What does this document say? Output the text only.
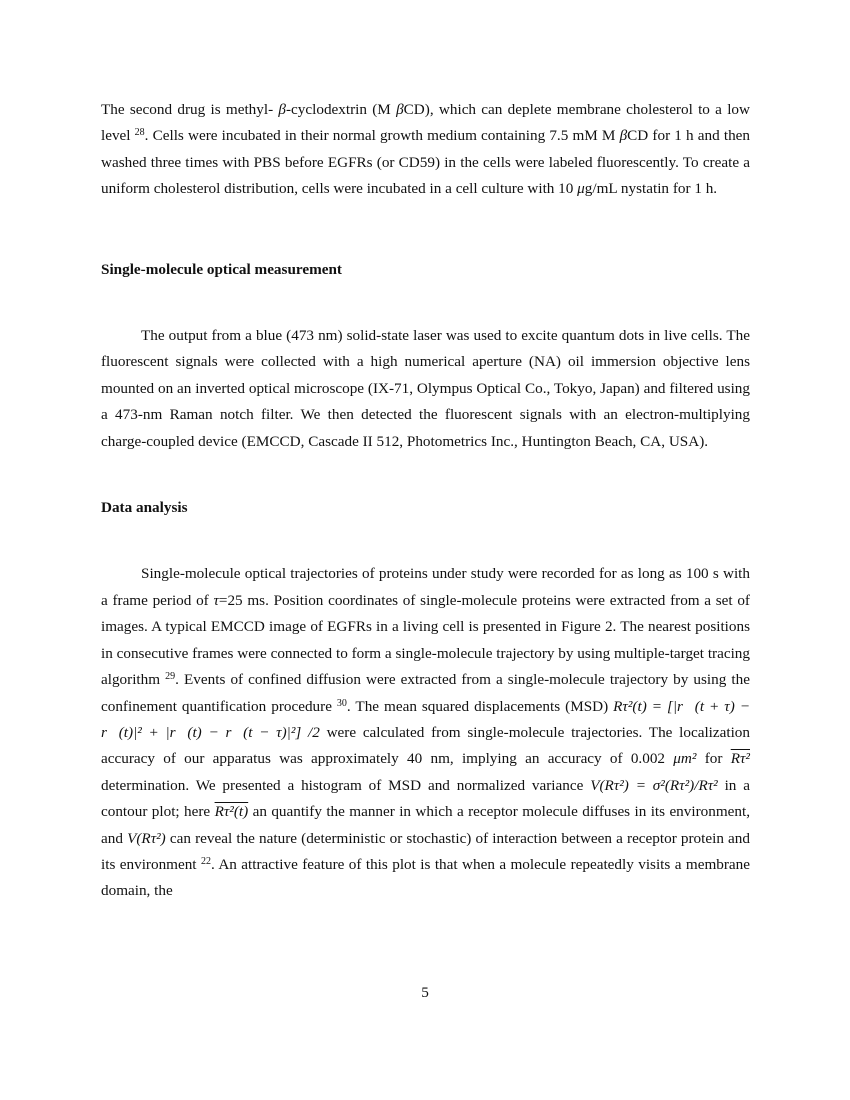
The second drug is methyl- β-cyclodextrin (M βCD), which can deplete membrane cholesterol to a low level $^{28}$. Cells were incubated in their normal growth medium containing 7.5 mM M βCD for 1 h and then washed three times with PBS before EGFRs (or CD59) in the cells were labeled fluorescently. To create a uniform cholesterol distribution, cells were incubated in a cell culture with 10 μg/mL nystatin for 1 h.

Single-molecule optical measurement

The output from a blue (473 nm) solid-state laser was used to excite quantum dots in live cells. The fluorescent signals were collected with a high numerical aperture (NA) oil immersion objective lens mounted on an inverted optical microscope (IX-71, Olympus Optical Co., Tokyo, Japan) and filtered using a 473-nm Raman notch filter. We then detected the fluorescent signals with an electron-multiplying charge-coupled device (EMCCD, Cascade II 512, Photometrics Inc., Huntington Beach, CA, USA).

Data analysis

Single-molecule optical trajectories of proteins under study were recorded for as long as 100 s with a frame period of τ=25 ms. Position coordinates of single-molecule proteins were extracted from a set of images. A typical EMCCD image of EGFRs in a living cell is presented in Figure 2. The nearest positions in consecutive frames were connected to form a single-molecule trajectory by using multiple-target tracing algorithm $^{29}$. Events of confined diffusion were extracted from a single-molecule trajectory by using the confinement quantification procedure $^{30}$. The mean squared displacements (MSD) Rτ²(t) = [|r⃗(t + τ) − r⃗(t)|² + |r⃗(t) − r⃗(t − τ)|²] /2 were calculated from single-molecule trajectories. The localization accuracy of our apparatus was approximately 40 nm, implying an accuracy of 0.002 μm² for Rτ² determination. We presented a histogram of MSD and normalized variance V(Rτ²) = σ²(Rτ²)/Rτ² in a contour plot; here Rτ²(t) an quantify the manner in which a receptor molecule diffuses in its environment, and V(Rτ²) can reveal the nature (deterministic or stochastic) of interaction between a receptor protein and its environment $^{22}$. An attractive feature of this plot is that when a molecule repeatedly visits a membrane domain, the

5
